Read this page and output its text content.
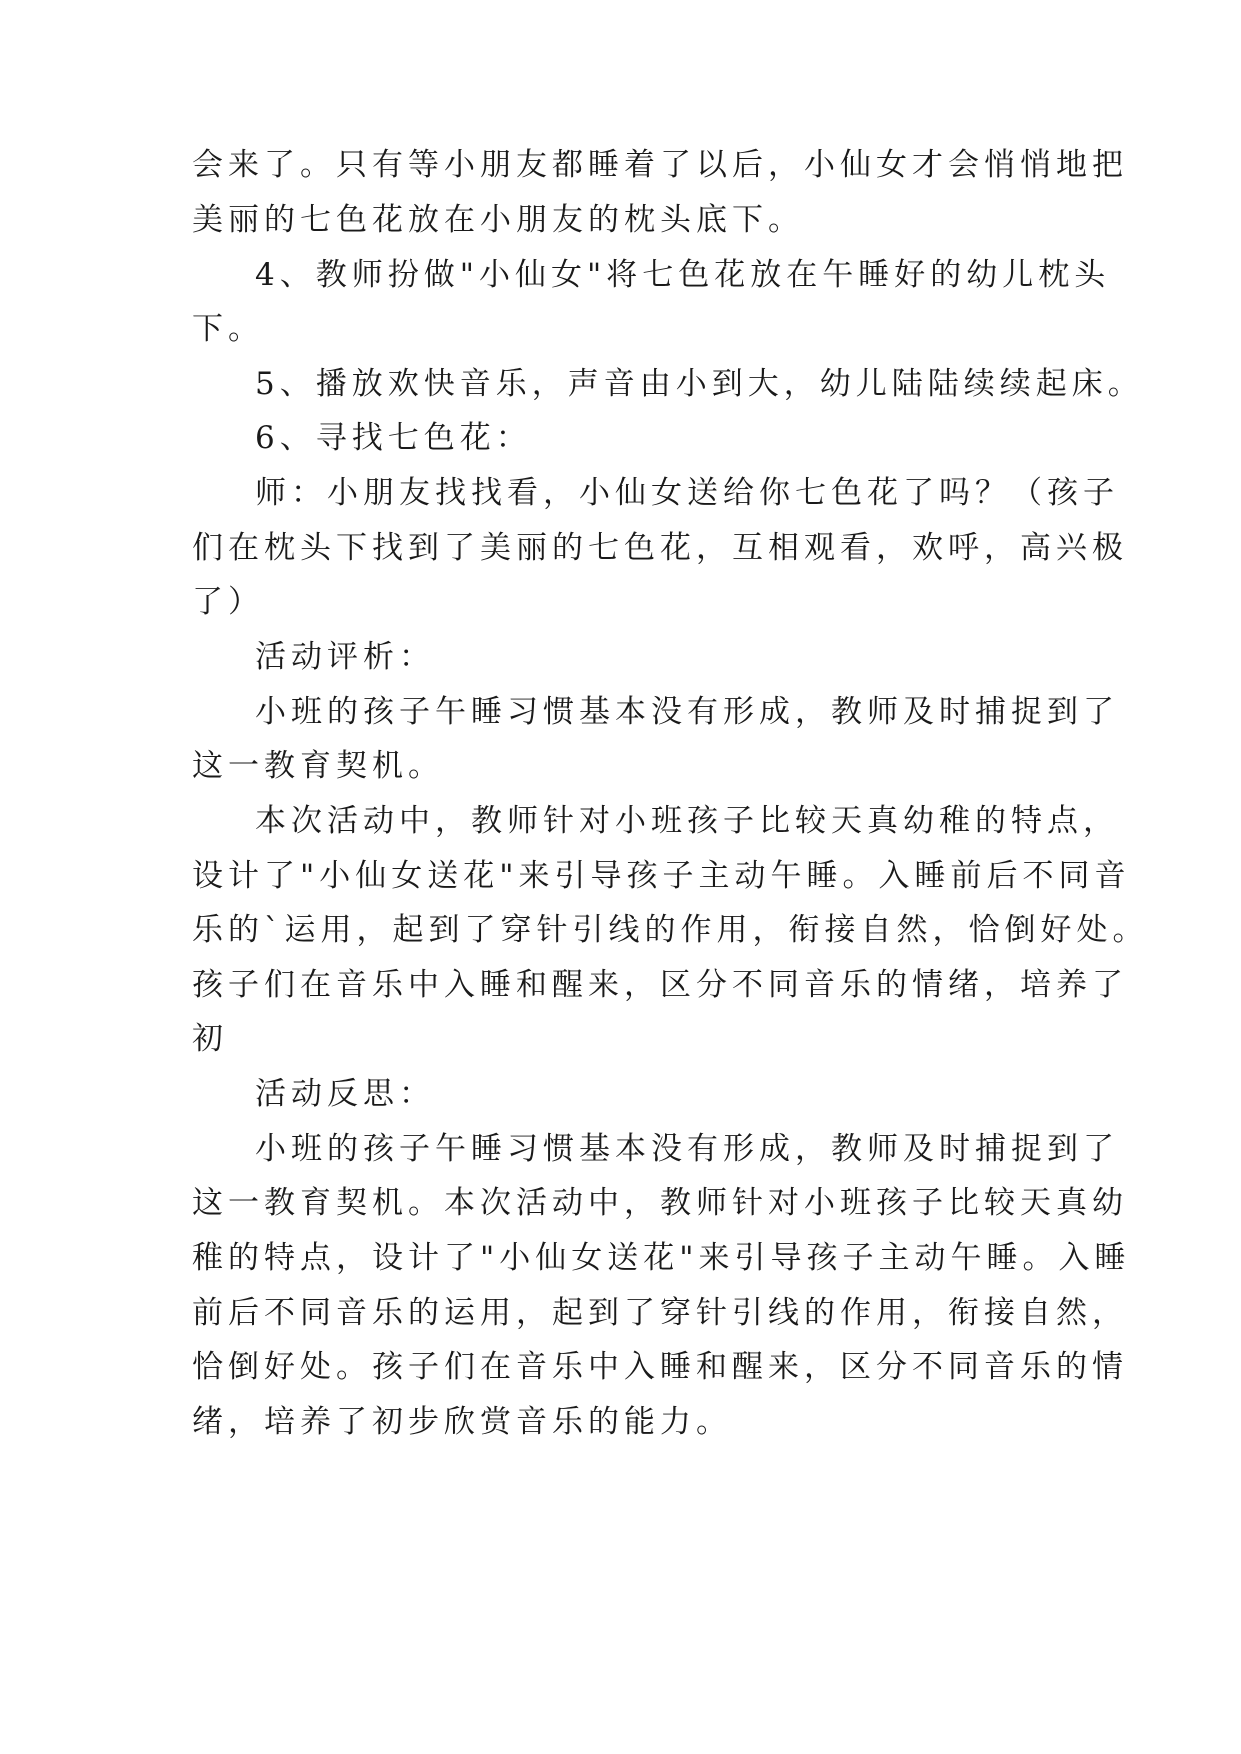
会来了。只有等小朋友都睡着了以后，小仙女才会悄悄地把

美丽的七色花放在小朋友的枕头底下。

4、教师扮做"小仙女"将七色花放在午睡好的幼儿枕头

下。

5、播放欢快音乐，声音由小到大，幼儿陆陆续续起床。

6、寻找七色花：

师：小朋友找找看，小仙女送给你七色花了吗？（孩子

们在枕头下找到了美丽的七色花，互相观看，欢呼，高兴极

了）

活动评析：

小班的孩子午睡习惯基本没有形成，教师及时捕捉到了

这一教育契机。

本次活动中，教师针对小班孩子比较天真幼稚的特点，

设计了"小仙女送花"来引导孩子主动午睡。入睡前后不同音

乐的`运用，起到了穿针引线的作用，衔接自然，恰倒好处。

孩子们在音乐中入睡和醒来，区分不同音乐的情绪，培养了

初

活动反思：

小班的孩子午睡习惯基本没有形成，教师及时捕捉到了

这一教育契机。本次活动中，教师针对小班孩子比较天真幼

稚的特点，设计了"小仙女送花"来引导孩子主动午睡。入睡

前后不同音乐的运用，起到了穿针引线的作用，衔接自然，

恰倒好处。孩子们在音乐中入睡和醒来，区分不同音乐的情

绪，培养了初步欣赏音乐的能力。
